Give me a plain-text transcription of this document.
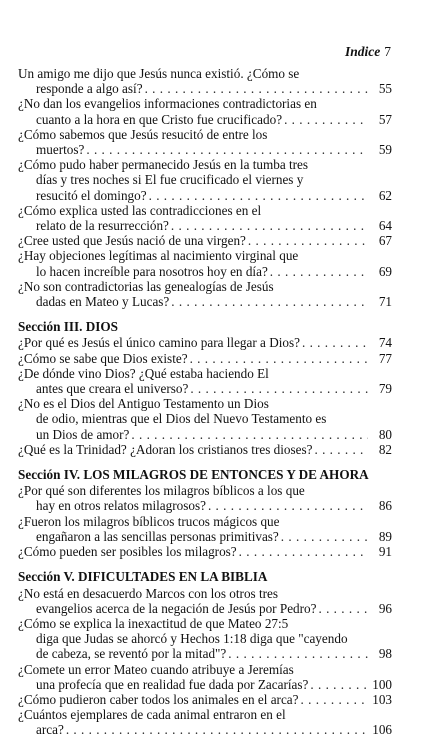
Indice 7
Un amigo me dijo que Jesús nunca existió. ¿Cómo se
responde a algo así? . . .	55
¿No dan los evangelios informaciones contradictorias en
cuanto a la hora en que Cristo fue crucificado? . . .	57
¿Cómo sabemos que Jesús resucitó de entre los
muertos? . . .	59
¿Cómo pudo haber permanecido Jesús en la tumba tres
días y tres noches si El fue crucificado el viernes y
resucitó el domingo? . . .	62
¿Cómo explica usted las contradicciones en el
relato de la resurrección? . . .	64
¿Cree usted que Jesús nació de una virgen? . . .	67
¿Hay objeciones legítimas al nacimiento virginal que
lo hacen increíble para nosotros hoy en día? . . .	69
¿No son contradictorias las genealogías de Jesús
dadas en Mateo y Lucas? . . .	71
Sección III. DIOS
¿Por qué es Jesús el único camino para llegar a Dios? . . .	74
¿Cómo se sabe que Dios existe? . . .	77
¿De dónde vino Dios? ¿Qué estaba haciendo El
antes que creara el universo? . . .	79
¿No es el Dios del Antiguo Testamento un Dios
de odio, mientras que el Dios del Nuevo Testamento es
un Dios de amor? . . .	80
¿Qué es la Trinidad? ¿Adoran los cristianos tres dioses? . . .	82
Sección IV. LOS MILAGROS DE ENTONCES Y DE AHORA
¿Por qué son diferentes los milagros bíblicos a los que
hay en otros relatos milagrosos? . . .	86
¿Fueron los milagros bíblicos trucos mágicos que
engañaron a las sencillas personas primitivas? . . .	89
¿Cómo pueden ser posibles los milagros? . . .	91
Sección V. DIFICULTADES EN LA BIBLIA
¿No está en desacuerdo Marcos con los otros tres
evangelios acerca de la negación de Jesús por Pedro? . . .	96
¿Cómo se explica la inexactitud de que Mateo 27:5
diga que Judas se ahorcó y Hechos 1:18 diga que "cayendo
de cabeza, se reventó por la mitad"? . . .	98
¿Comete un error Mateo cuando atribuye a Jeremías
una profecía que en realidad fue dada por Zacarías? . . .	100
¿Cómo pudieron caber todos los animales en el arca? . . .	103
¿Cuántos ejemplares de cada animal entraron en el
arca? . . .	106
